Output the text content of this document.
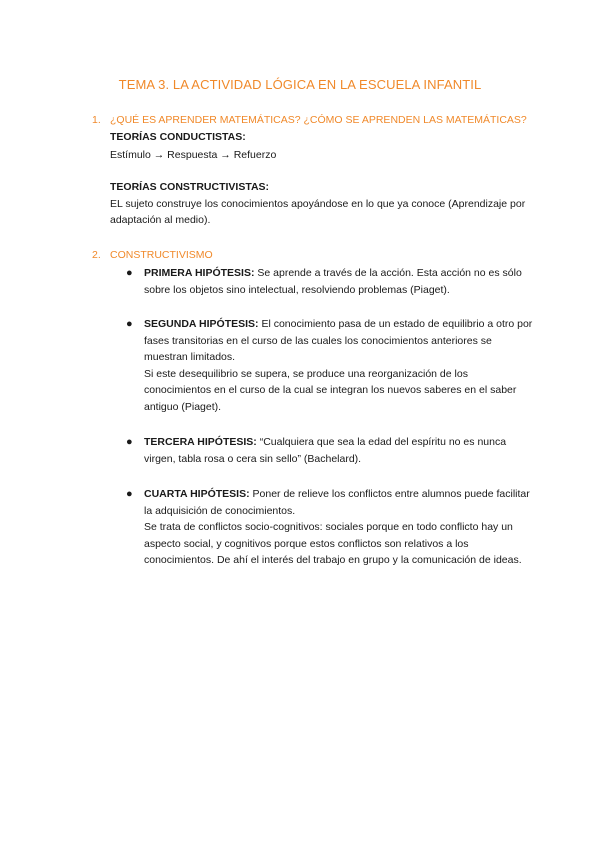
TEMA 3. LA ACTIVIDAD LÓGICA EN LA ESCUELA INFANTIL
1. ¿QUÉ ES APRENDER MATEMÁTICAS? ¿CÓMO SE APRENDEN LAS MATEMÁTICAS?
TEORÍAS CONDUCTISTAS:
Estímulo → Respuesta → Refuerzo
TEORÍAS CONSTRUCTIVISTAS:
EL sujeto construye los conocimientos apoyándose en lo que ya conoce (Aprendizaje por adaptación al medio).
2. CONSTRUCTIVISMO
● PRIMERA HIPÓTESIS: Se aprende a través de la acción. Esta acción no es sólo sobre los objetos sino intelectual, resolviendo problemas (Piaget).

● SEGUNDA HIPÓTESIS: El conocimiento pasa de un estado de equilibrio a otro por fases transitorias en el curso de las cuales los conocimientos anteriores se muestran limitados.

Si este desequilibrio se supera, se produce una reorganización de los conocimientos en el curso de la cual se integran los nuevos saberes en el saber antiguo (Piaget).

● TERCERA HIPÓTESIS: “Cualquiera que sea la edad del espíritu no es nunca virgen, tabla rosa o cera sin sello” (Bachelard).

● CUARTA HIPÓTESIS: Poner de relieve los conflictos entre alumnos puede facilitar la adquisición de conocimientos.

Se trata de conflictos socio-cognitivos: sociales porque en todo conflicto hay un aspecto social, y cognitivos porque estos conflictos son relativos a los conocimientos. De ahí el interés del trabajo en grupo y la comunicación de ideas.
